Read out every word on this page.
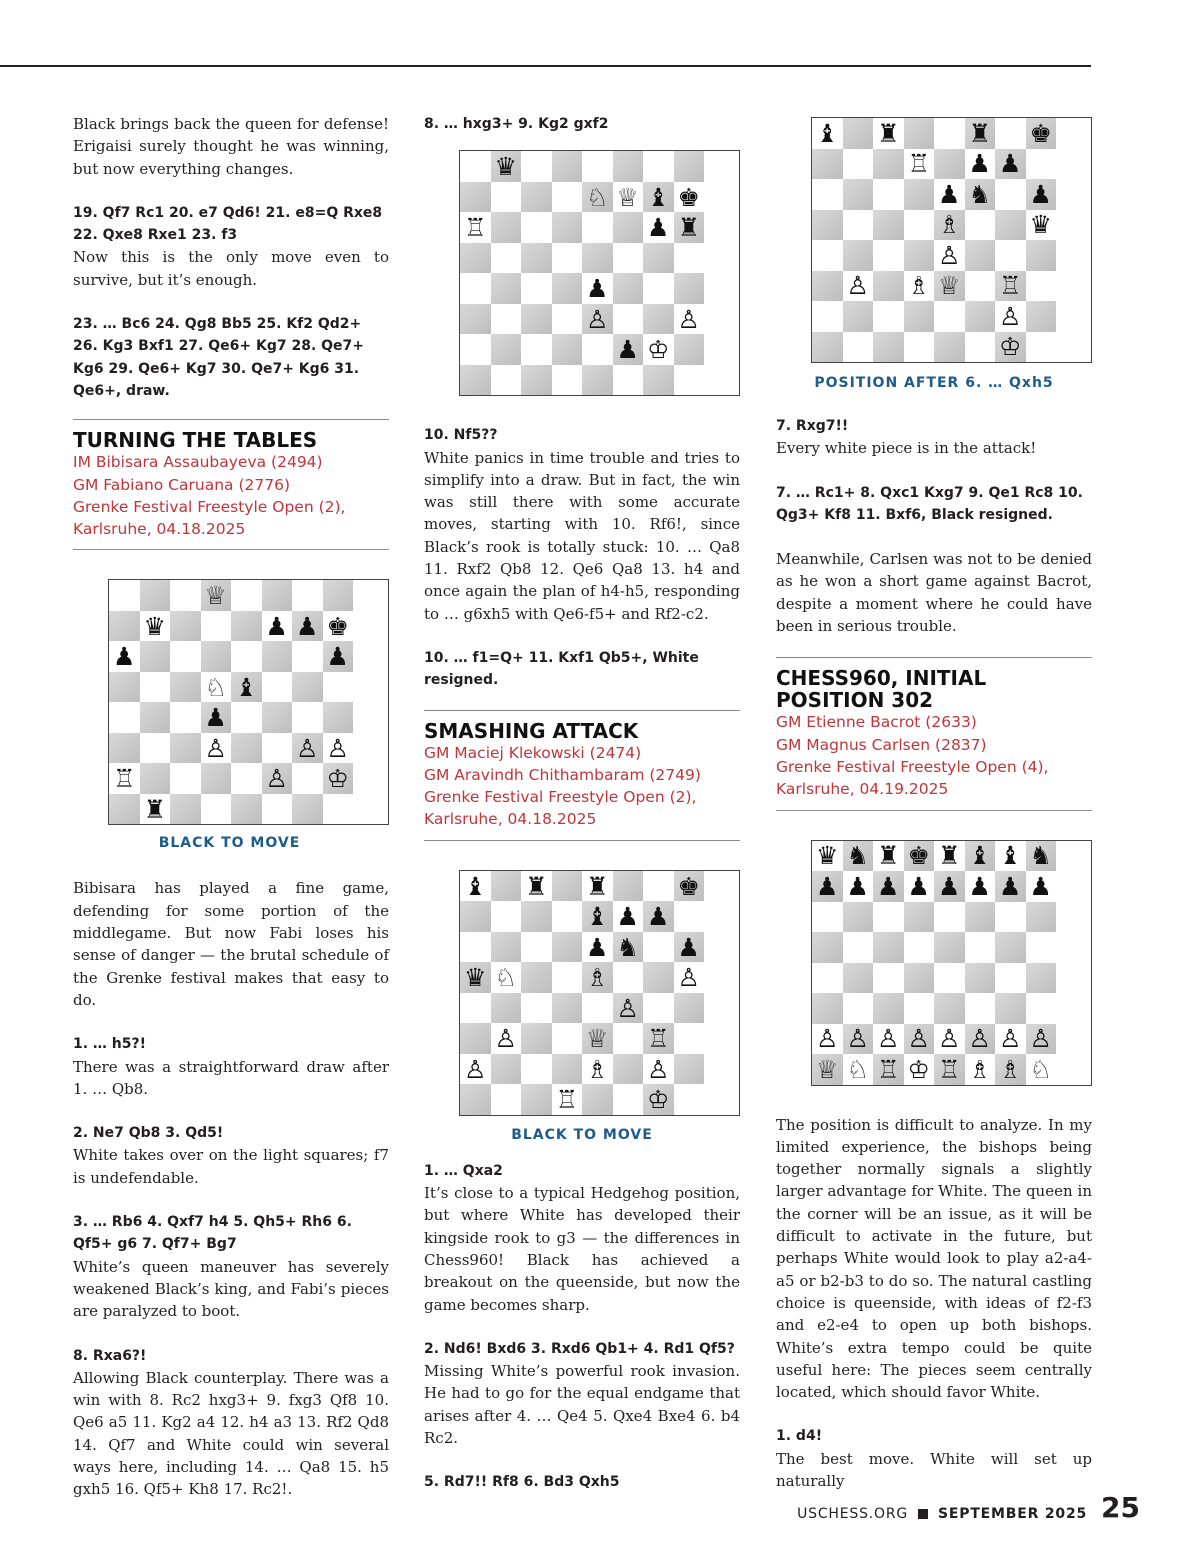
Black brings back the queen for defense! Erigaisi surely thought he was winning, but now everything changes.

19. Qf7 Rc1 20. e7 Qd6! 21. e8=Q Rxe8 22. Qxe8 Rxe1 23. f3

Now this is the only move even to survive, but it’s enough.

23. … Bc6 24. Qg8 Bb5 25. Kf2 Qd2+ 26. Kg3 Bxf1 27. Qe6+ Kg7 28. Qe7+ Kg6 29. Qe6+ Kg7 30. Qe7+ Kg6 31. Qe6+, draw.

TURNING THE TABLES
IM Bibisara Assaubayeva (2494)
GM Fabiano Caruana (2776)
Grenke Festival Freestyle Open (2),
Karlsruhe, 04.18.2025
♕
♛	♟ ♟ ♚
♟	♟
♘ ♝
♟
♙	♙ ♙
♖	♙ ♔
♜
BLACK TO MOVE

Bibisara has played a fine game, defending for some portion of the middlegame. But now Fabi loses his sense of danger — the brutal schedule of the Grenke festival makes that easy to do.

1. … h5?!

There was a straightforward draw after 1. … Qb8.

2. Ne7 Qb8 3. Qd5!

White takes over on the light squares; f7 is undefendable.

3. … Rb6 4. Qxf7 h4 5. Qh5+ Rh6 6. Qf5+ g6 7. Qf7+ Bg7

White’s queen maneuver has severely weakened Black’s king, and Fabi’s pieces are paralyzed to boot.

8. Rxa6?!

Allowing Black counterplay. There was a win with 8. Rc2 hxg3+ 9. fxg3 Qf8 10. Qe6 a5 11. Kg2 a4 12. h4 a3 13. Rf2 Qd8 14. Qf7 and White could win several ways here, including 14. … Qa8 15. h5 gxh5 16. Qf5+ Kh8 17. Rc2!.

8. … hxg3+ 9. Kg2 gxf2

♛
♘ ♕ ♝ ♚
♖	♟ ♜
♟
♙	♙
♟ ♔

10. Nf5??

White panics in time trouble and tries to simplify into a draw. But in fact, the win was still there with some accurate moves, starting with 10. Rf6!, since Black’s rook is totally stuck: 10. … Qa8 11. Rxf2 Qb8 12. Qe6 Qa8 13. h4 and once again the plan of h4-h5, responding to … g6xh5 with Qe6-f5+ and Rf2-c2.

10. … f1=Q+ 11. Kxf1 Qb5+, White resigned.

SMASHING ATTACK
GM Maciej Klekowski (2474)
GM Aravindh Chithambaram (2749)
Grenke Festival Freestyle Open (2),
Karlsruhe, 04.18.2025
♝ ♜ ♜	♚
♝ ♟ ♟
♟ ♞ ♟
♛ ♘	♗	♙
♙
♙	♕ ♖
♙	♗ ♙
♖	♔
BLACK TO MOVE

1. … Qxa2

It’s close to a typical Hedgehog position, but where White has developed their kingside rook to g3 — the differences in Chess960! Black has achieved a breakout on the queenside, but now the game becomes sharp.

2. Nd6! Bxd6 3. Rxd6 Qb1+ 4. Rd1 Qf5?

Missing White’s powerful rook invasion. He had to go for the equal endgame that arises after 4. … Qe4 5. Qxe4 Bxe4 6. b4 Rc2.

5. Rd7!! Rf8 6. Bd3 Qxh5

♝ ♜	♜ ♚
♖ ♟ ♟
♟ ♞ ♟
♗	♛
♙
♙ ♗ ♕ ♖
♙
♔
POSITION AFTER 6. … Qxh5

7. Rxg7!!

Every white piece is in the attack!

7. … Rc1+ 8. Qxc1 Kxg7 9. Qe1 Rc8 10. Qg3+ Kf8 11. Bxf6, Black resigned.

Meanwhile, Carlsen was not to be denied as he won a short game against Bacrot, despite a moment where he could have been in serious trouble.

CHESS960, INITIAL POSITION 302
GM Etienne Bacrot (2633)
GM Magnus Carlsen (2837)
Grenke Festival Freestyle Open (4),
Karlsruhe, 04.19.2025
♛ ♞ ♜ ♚ ♜ ♝ ♝ ♞
♟ ♟ ♟ ♟ ♟ ♟ ♟ ♟
♙ ♙ ♙ ♙ ♙ ♙ ♙ ♙
♕ ♘ ♖ ♔ ♖ ♗ ♗ ♘

The position is difficult to analyze. In my limited experience, the bishops being together normally signals a slightly larger advantage for White. The queen in the corner will be an issue, as it will be difficult to activate in the future, but perhaps White would look to play a2-a4-a5 or b2-b3 to do so. The natural castling choice is queenside, with ideas of f2-f3 and e2-e4 to open up both bishops. White’s extra tempo could be quite useful here: The pieces seem centrally located, which should favor White.

1. d4!

The best move. White will set up naturally

USCHESS.ORG SEPTEMBER 2025 25
